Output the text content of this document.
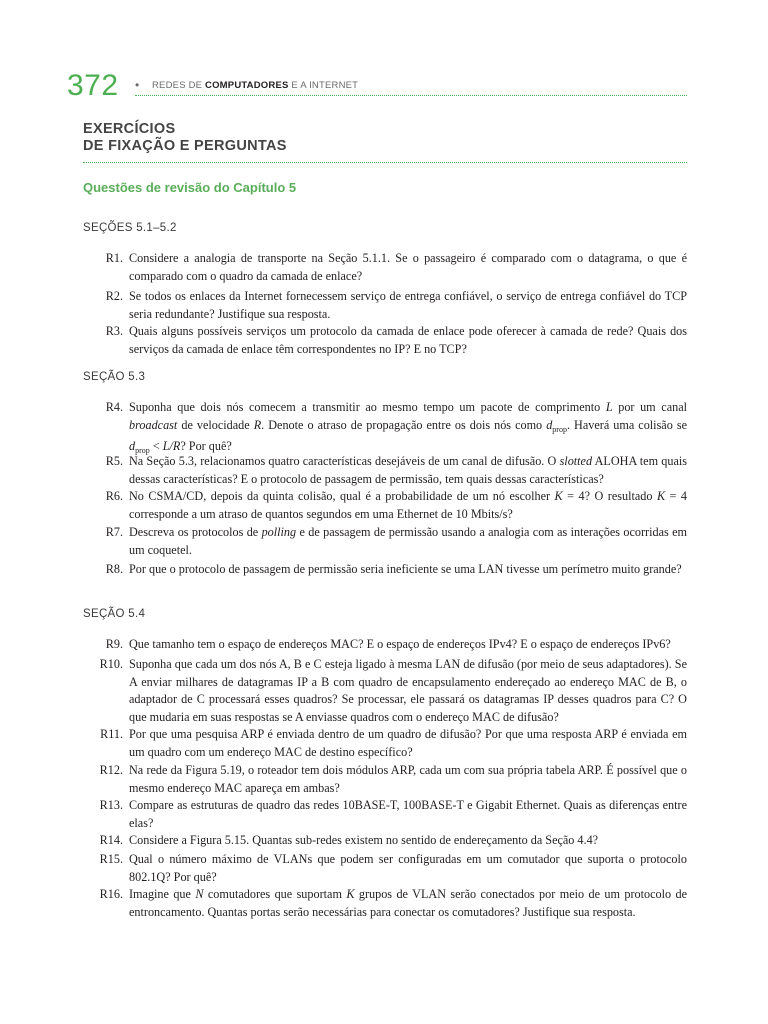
372 • REDES DE COMPUTADORES E A INTERNET
EXERCÍCIOS
DE FIXAÇÃO E PERGUNTAS
Questões de revisão do Capítulo 5
SEÇÕES 5.1–5.2
R1. Considere a analogia de transporte na Seção 5.1.1. Se o passageiro é comparado com o datagrama, o que é comparado com o quadro da camada de enlace?
R2. Se todos os enlaces da Internet fornecessem serviço de entrega confiável, o serviço de entrega confiável do TCP seria redundante? Justifique sua resposta.
R3. Quais alguns possíveis serviços um protocolo da camada de enlace pode oferecer à camada de rede? Quais dos serviços da camada de enlace têm correspondentes no IP? E no TCP?
SEÇÃO 5.3
R4. Suponha que dois nós comecem a transmitir ao mesmo tempo um pacote de comprimento L por um canal broadcast de velocidade R. Denote o atraso de propagação entre os dois nós como $d_{prop}$. Haverá uma colisão se $d_{prop} < L/R$? Por quê?
R5. Na Seção 5.3, relacionamos quatro características desejáveis de um canal de difusão. O slotted ALOHA tem quais dessas características? E o protocolo de passagem de permissão, tem quais dessas características?
R6. No CSMA/CD, depois da quinta colisão, qual é a probabilidade de um nó escolher K = 4? O resultado K = 4 corresponde a um atraso de quantos segundos em uma Ethernet de 10 Mbits/s?
R7. Descreva os protocolos de polling e de passagem de permissão usando a analogia com as interações ocorridas em um coquetel.
R8. Por que o protocolo de passagem de permissão seria ineficiente se uma LAN tivesse um perímetro muito grande?
SEÇÃO 5.4
R9. Que tamanho tem o espaço de endereços MAC? E o espaço de endereços IPv4? E o espaço de endereços IPv6?
R10. Suponha que cada um dos nós A, B e C esteja ligado à mesma LAN de difusão (por meio de seus adaptadores). Se A enviar milhares de datagramas IP a B com quadro de encapsulamento endereçado ao endereço MAC de B, o adaptador de C processará esses quadros? Se processar, ele passará os datagramas IP desses quadros para C? O que mudaria em suas respostas se A enviasse quadros com o endereço MAC de difusão?
R11. Por que uma pesquisa ARP é enviada dentro de um quadro de difusão? Por que uma resposta ARP é enviada em um quadro com um endereço MAC de destino específico?
R12. Na rede da Figura 5.19, o roteador tem dois módulos ARP, cada um com sua própria tabela ARP. É possível que o mesmo endereço MAC apareça em ambas?
R13. Compare as estruturas de quadro das redes 10BASE-T, 100BASE-T e Gigabit Ethernet. Quais as diferenças entre elas?
R14. Considere a Figura 5.15. Quantas sub-redes existem no sentido de endereçamento da Seção 4.4?
R15. Qual o número máximo de VLANs que podem ser configuradas em um comutador que suporta o protocolo 802.1Q? Por quê?
R16. Imagine que N comutadores que suportam K grupos de VLAN serão conectados por meio de um protocolo de entroncamento. Quantas portas serão necessárias para conectar os comutadores? Justifique sua resposta.
